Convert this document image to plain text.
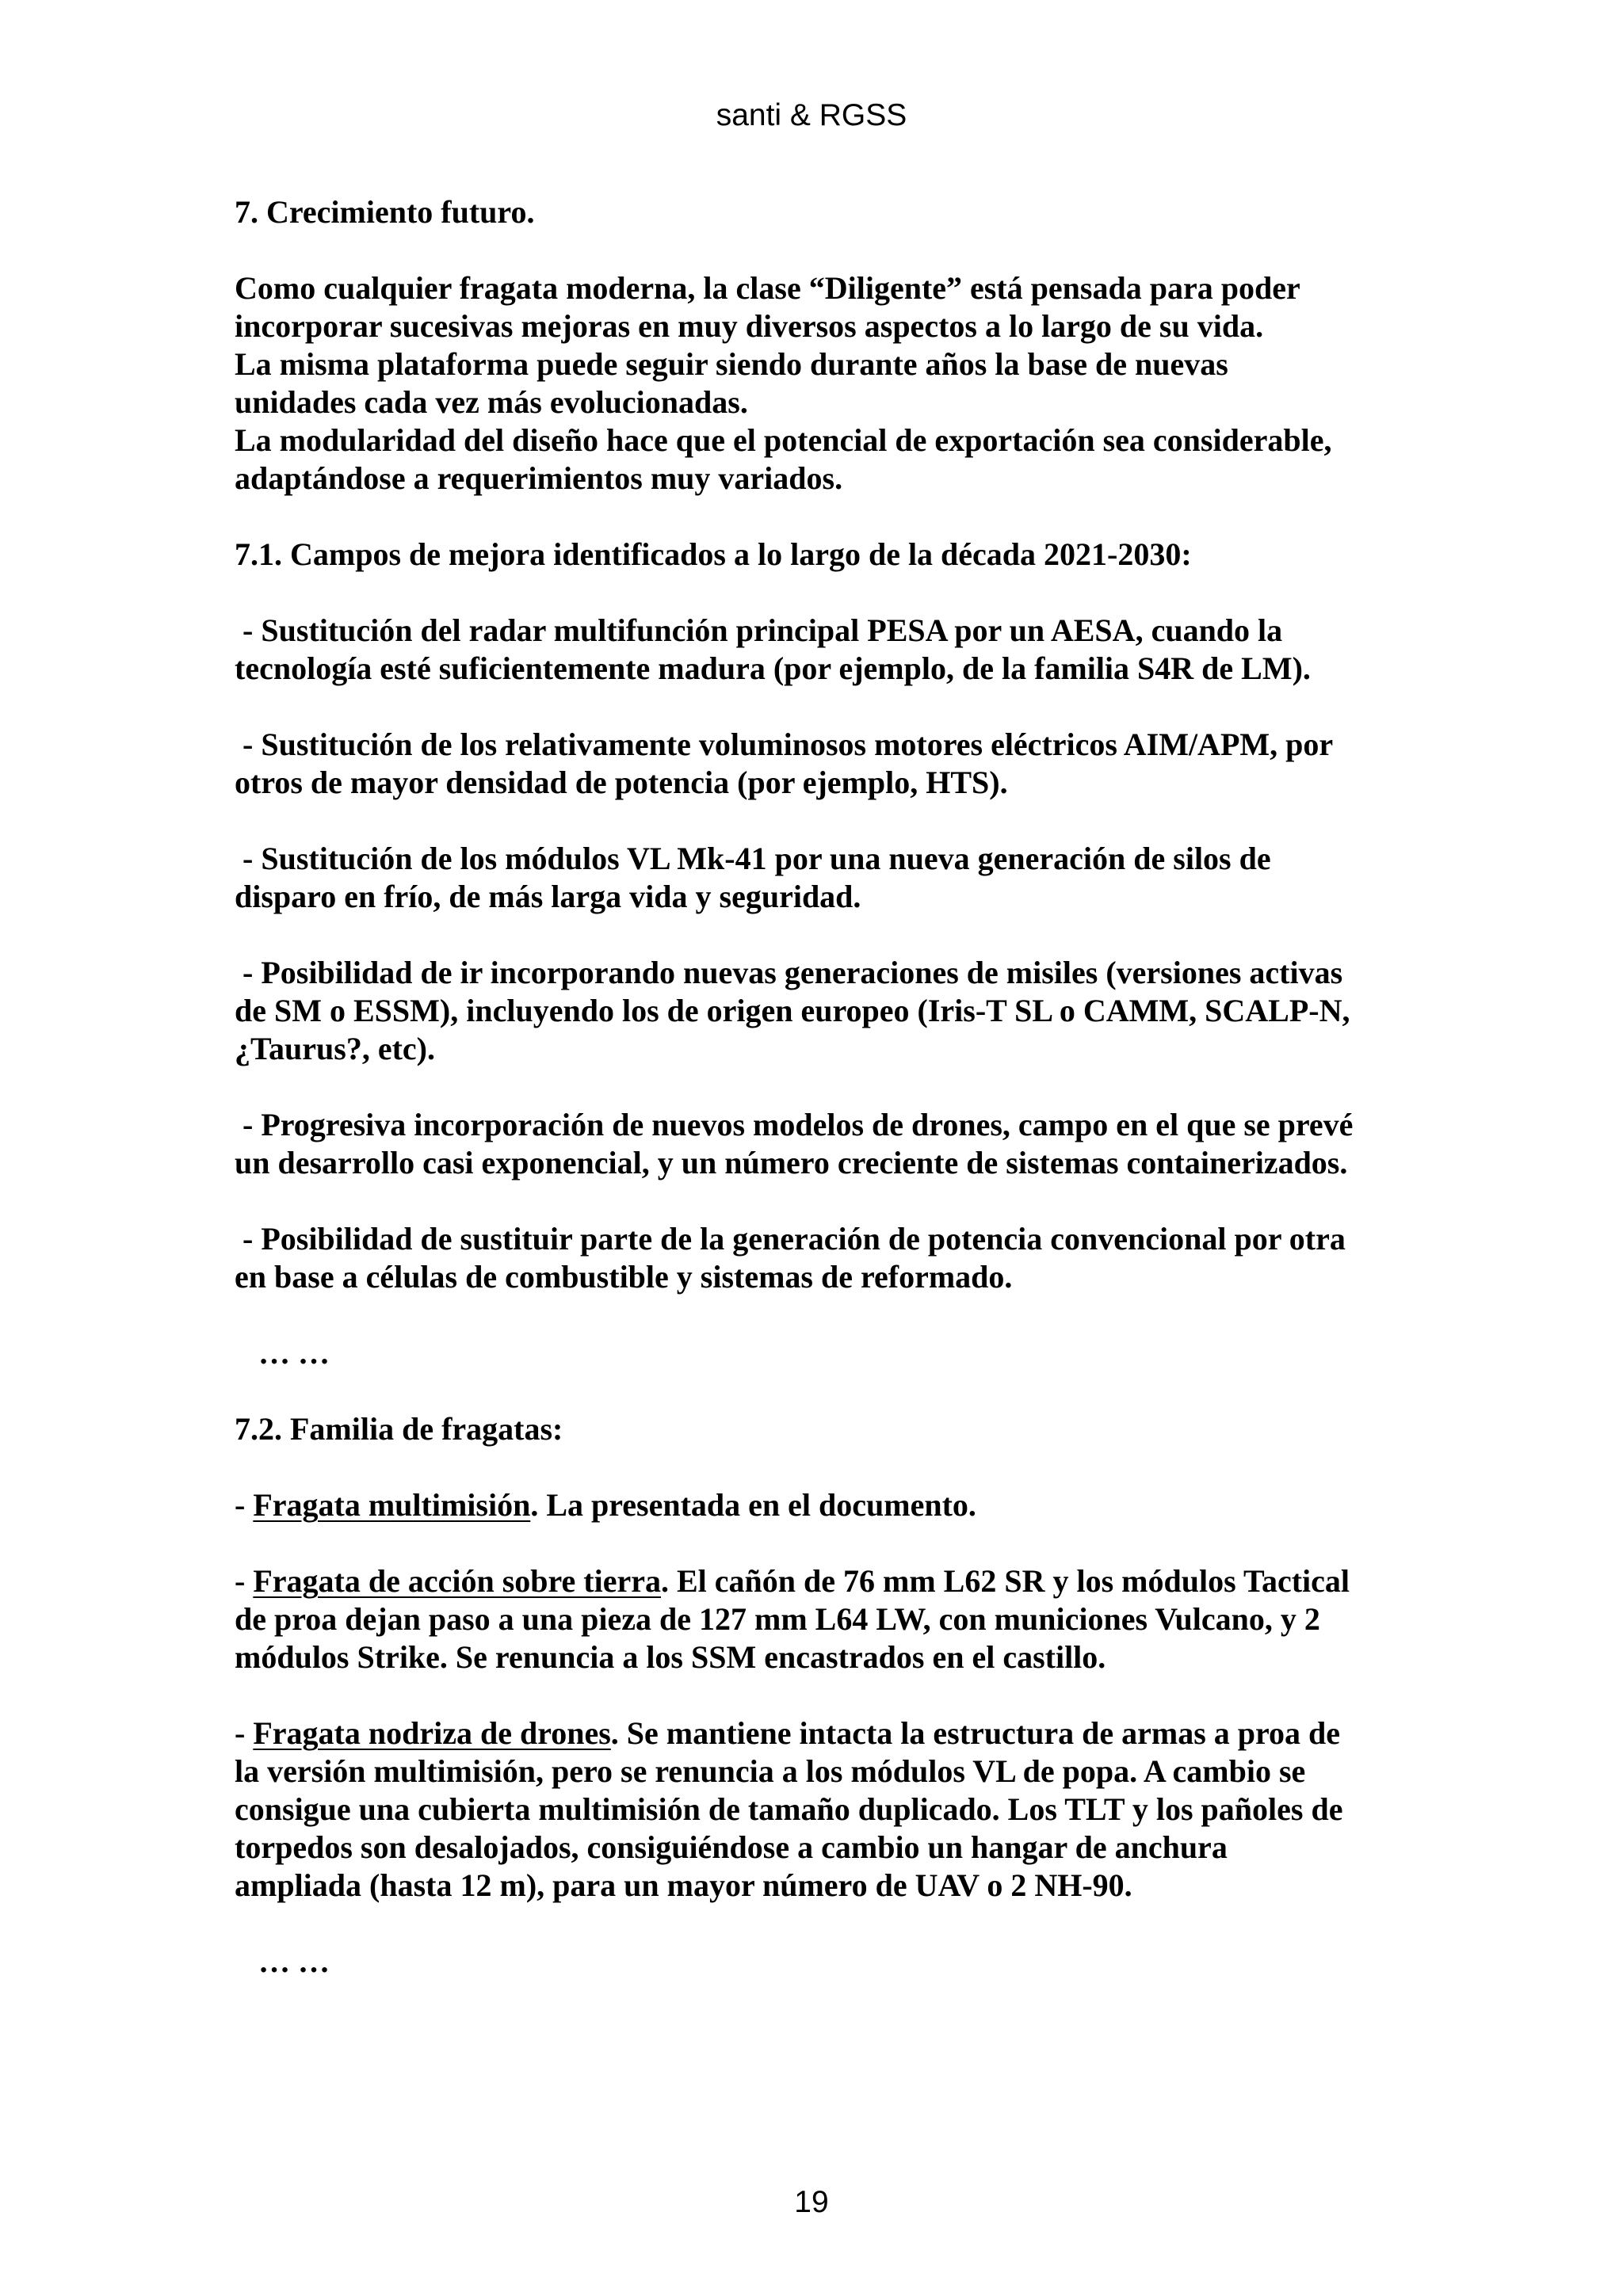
santi & RGSS

7. Crecimiento futuro.

Como cualquier fragata moderna, la clase “Diligente” está pensada para poder

incorporar sucesivas mejoras en muy diversos aspectos a lo largo de su vida.

La misma plataforma puede seguir siendo durante años la base de nuevas

unidades cada vez más evolucionadas.

La modularidad del diseño hace que el potencial de exportación sea considerable,

adaptándose a requerimientos muy variados.

7.1. Campos de mejora identificados a lo largo de la década 2021-2030:

- Sustitución del radar multifunción principal PESA por un AESA, cuando la

tecnología esté suficientemente madura (por ejemplo, de la familia S4R de LM).

- Sustitución de los relativamente voluminosos motores eléctricos AIM/APM, por

otros de mayor densidad de potencia (por ejemplo, HTS).

- Sustitución de los módulos VL Mk-41 por una nueva generación de silos de

disparo en frío, de más larga vida y seguridad.

- Posibilidad de ir incorporando nuevas generaciones de misiles (versiones activas

de SM o ESSM), incluyendo los de origen europeo (Iris-T SL o CAMM, SCALP-N,

¿Taurus?, etc).

- Progresiva incorporación de nuevos modelos de drones, campo en el que se prevé

un desarrollo casi exponencial, y un número creciente de sistemas containerizados.

- Posibilidad de sustituir parte de la generación de potencia convencional por otra

en base a células de combustible y sistemas de reformado.

… …

7.2. Familia de fragatas:

- Fragata multimisión. La presentada en el documento.

- Fragata de acción sobre tierra. El cañón de 76 mm L62 SR y los módulos Tactical

de proa dejan paso a una pieza de 127 mm L64 LW, con municiones Vulcano, y 2

módulos Strike. Se renuncia a los SSM encastrados en el castillo.

- Fragata nodriza de drones. Se mantiene intacta la estructura de armas a proa de

la versión multimisión, pero se renuncia a los módulos VL de popa. A cambio se

consigue una cubierta multimisión de tamaño duplicado. Los TLT y los pañoles de

torpedos son desalojados, consiguiéndose a cambio un hangar de anchura

ampliada (hasta 12 m), para un mayor número de UAV o 2 NH-90.

… …

19
